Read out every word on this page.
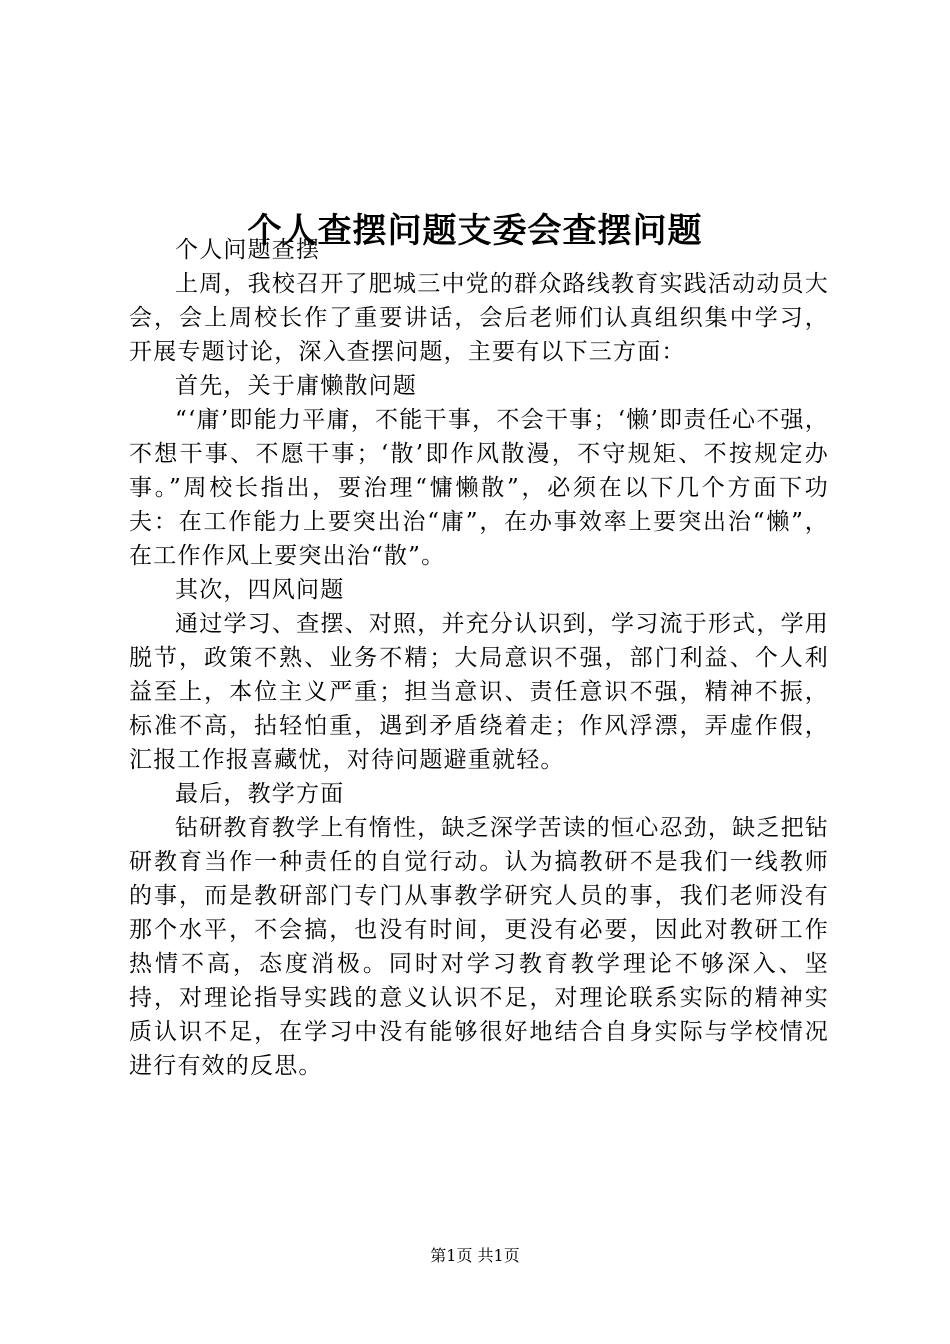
个人查摆问题支委会查摆问题

个人问题查摆

上周，我校召开了肥城三中党的群众路线教育实践活动动员大会，会上周校长作了重要讲话，会后老师们认真组织集中学习，开展专题讨论，深入查摆问题，主要有以下三方面：

首先，关于庸懒散问题

“‘庸’即能力平庸，不能干事，不会干事；‘懒’即责任心不强，不想干事、不愿干事；‘散’即作风散漫，不守规矩、不按规定办事。”周校长指出，要治理“慵懒散”，必须在以下几个方面下功夫：在工作能力上要突出治“庸”，在办事效率上要突出治“懒”，在工作作风上要突出治“散”。

其次，四风问题

通过学习、查摆、对照，并充分认识到，学习流于形式，学用脱节，政策不熟、业务不精；大局意识不强，部门利益、个人利益至上，本位主义严重；担当意识、责任意识不强，精神不振，标准不高，拈轻怕重，遇到矛盾绕着走；作风浮漂，弄虚作假，汇报工作报喜藏忧，对待问题避重就轻。

最后，教学方面

钻研教育教学上有惰性，缺乏深学苦读的恒心忍劲，缺乏把钻研教育当作一种责任的自觉行动。认为搞教研不是我们一线教师的事，而是教研部门专门从事教学研究人员的事，我们老师没有那个水平，不会搞，也没有时间，更没有必要，因此对教研工作热情不高，态度消极。同时对学习教育教学理论不够深入、坚持，对理论指导实践的意义认识不足，对理论联系实际的精神实质认识不足，在学习中没有能够很好地结合自身实际与学校情况进行有效的反思。

第1页 共1页
